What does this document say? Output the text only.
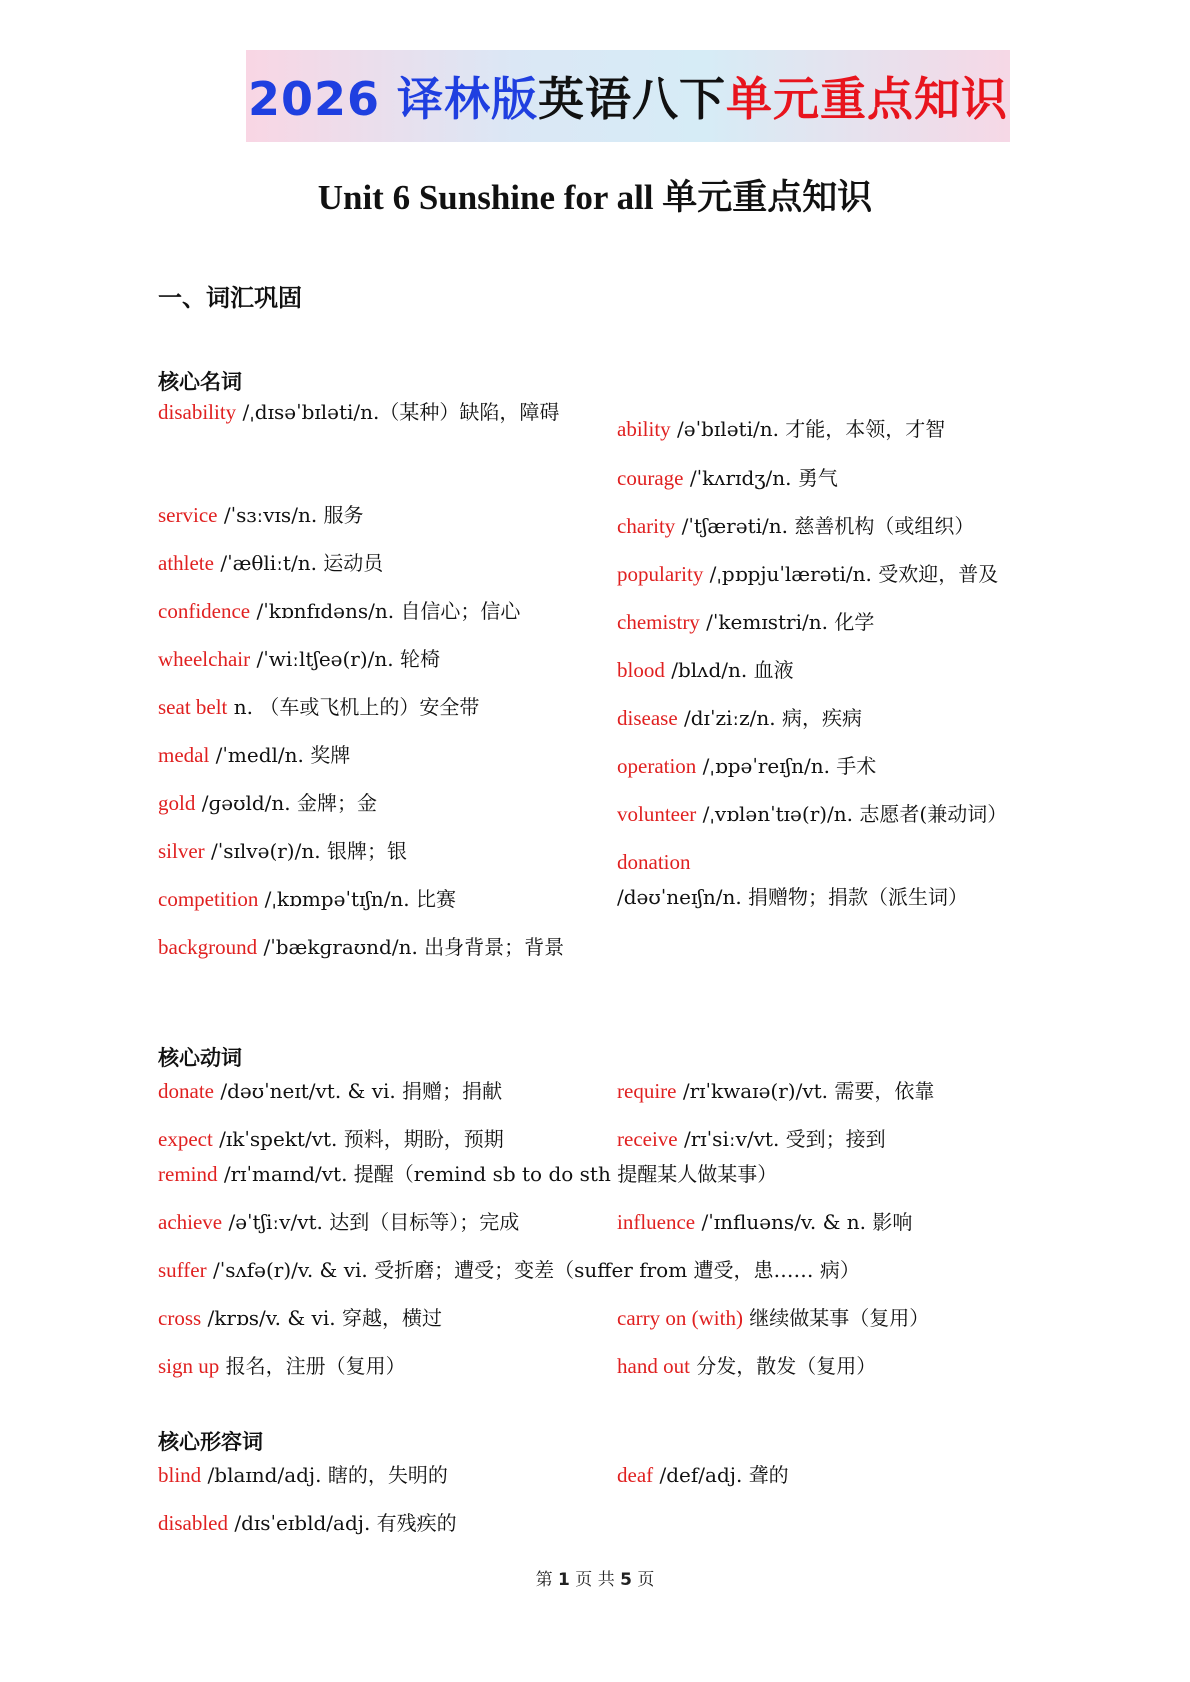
2026 译林版 英语八下 单元重点知识
Unit 6 Sunshine for all 单元重点知识
一、词汇巩固
核心名词
disability /ˌdɪsəˈbɪləti/n.（某种）缺陷，障碍
service /ˈsɜːvɪs/n. 服务
athlete /ˈæθliːt/n. 运动员
confidence /ˈkɒnfɪdəns/n. 自信心；信心
wheelchair /ˈwiːltʃeə(r)/n. 轮椅
seat belt n. （车或飞机上的）安全带
medal /ˈmedl/n. 奖牌
gold /ɡəʊld/n. 金牌；金
silver /ˈsɪlvə(r)/n. 银牌；银
competition /ˌkɒmpəˈtɪʃn/n. 比赛
background /ˈbækɡraʊnd/n. 出身背景；背景
ability /əˈbɪləti/n. 才能，本领，才智
courage /ˈkʌrɪdʒ/n. 勇气
charity /ˈtʃærəti/n. 慈善机构（或组织）
popularity /ˌpɒpjuˈlærəti/n. 受欢迎，普及
chemistry /ˈkemɪstri/n. 化学
blood /blʌd/n. 血液
disease /dɪˈziːz/n. 病，疾病
operation /ˌɒpəˈreɪʃn/n. 手术
volunteer /ˌvɒlənˈtɪə(r)/n. 志愿者(兼动词）
donation /dəʊˈneɪʃn/n. 捐赠物；捐款（派生词）
核心动词
donate /dəʊˈneɪt/vt. & vi. 捐赠；捐献	require /rɪˈkwaɪə(r)/vt. 需要，依靠
expect /ɪkˈspekt/vt. 预料，期盼，预期	receive /rɪˈsiːv/vt. 受到；接到
remind /rɪˈmaɪnd/vt. 提醒（remind sb to do sth 提醒某人做某事）
achieve /əˈtʃiːv/vt. 达到（目标等）；完成	influence /ˈɪnfluəns/v. & n. 影响
suffer /ˈsʌfə(r)/v. & vi. 受折磨；遭受；变差（suffer from 遭受，患…… 病）
cross /krɒs/v. & vi. 穿越，横过	carry on (with) 继续做某事（复用）
sign up 报名，注册（复用）	hand out 分发，散发（复用）
核心形容词
blind /blaɪnd/adj. 瞎的，失明的	deaf /def/adj. 聋的
disabled /dɪsˈeɪbld/adj. 有残疾的
第 1 页 共 5 页
